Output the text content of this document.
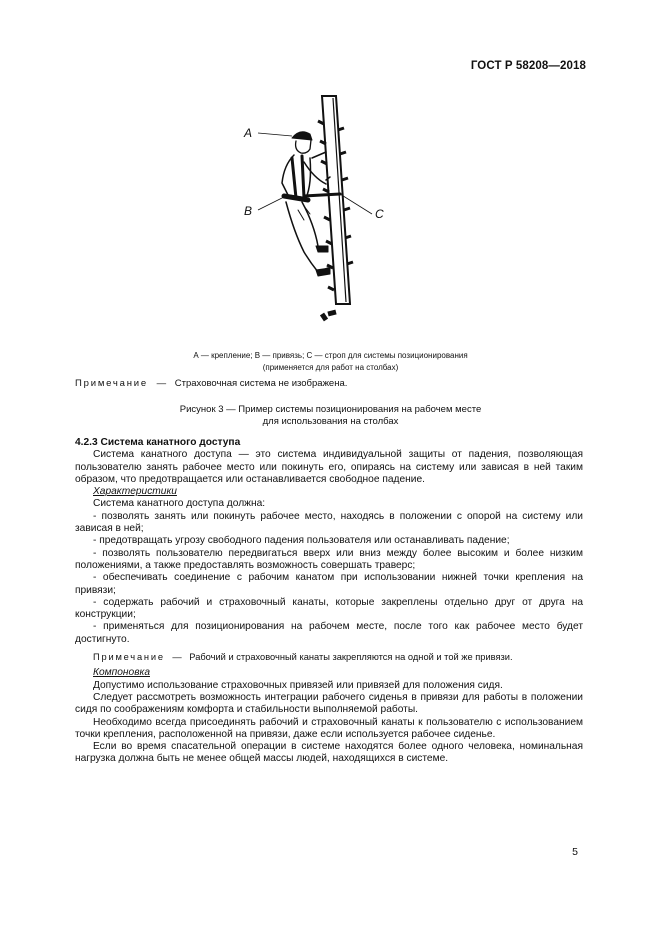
ГОСТ Р 58208—2018
A
B	C
А — крепление; В — привязь; С — строп для системы позиционирования
(применяется для работ на столбах)
Примечание — Страховочная система не изображена.
Рисунок 3 — Пример системы позиционирования на рабочем месте
для использования на столбах

4.2.3 Система канатного доступа

Система канатного доступа — это система индивидуальной защиты от падения, позволяющая пользователю занять рабочее место или покинуть его, опираясь на систему или зависая в ней таким образом, что предотвращается или останавливается свободное падение.

Характеристики

Система канатного доступа должна:

- позволять занять или покинуть рабочее место, находясь в положении с опорой на систему или зависая в ней;

- предотвращать угрозу свободного падения пользователя или останавливать падение;

- позволять пользователю передвигаться вверх или вниз между более высоким и более низким положениями, а также предоставлять возможность совершать траверс;

- обеспечивать соединение с рабочим канатом при использовании нижней точки крепления на привязи;

- содержать рабочий и страховочный канаты, которые закреплены отдельно друг от друга на конструкции;

- применяться для позиционирования на рабочем месте, после того как рабочее место будет достигнуто.

Примечание — Рабочий и страховочный канаты закрепляются на одной и той же привязи.

Компоновка

Допустимо использование страховочных привязей или привязей для положения сидя.

Следует рассмотреть возможность интеграции рабочего сиденья в привязи для работы в положении сидя по соображениям комфорта и стабильности выполняемой работы.

Необходимо всегда присоединять рабочий и страховочный канаты к пользователю с использованием точки крепления, расположенной на привязи, даже если используется рабочее сиденье.

Если во время спасательной операции в системе находятся более одного человека, номинальная нагрузка должна быть не менее общей массы людей, находящихся в системе.

5
